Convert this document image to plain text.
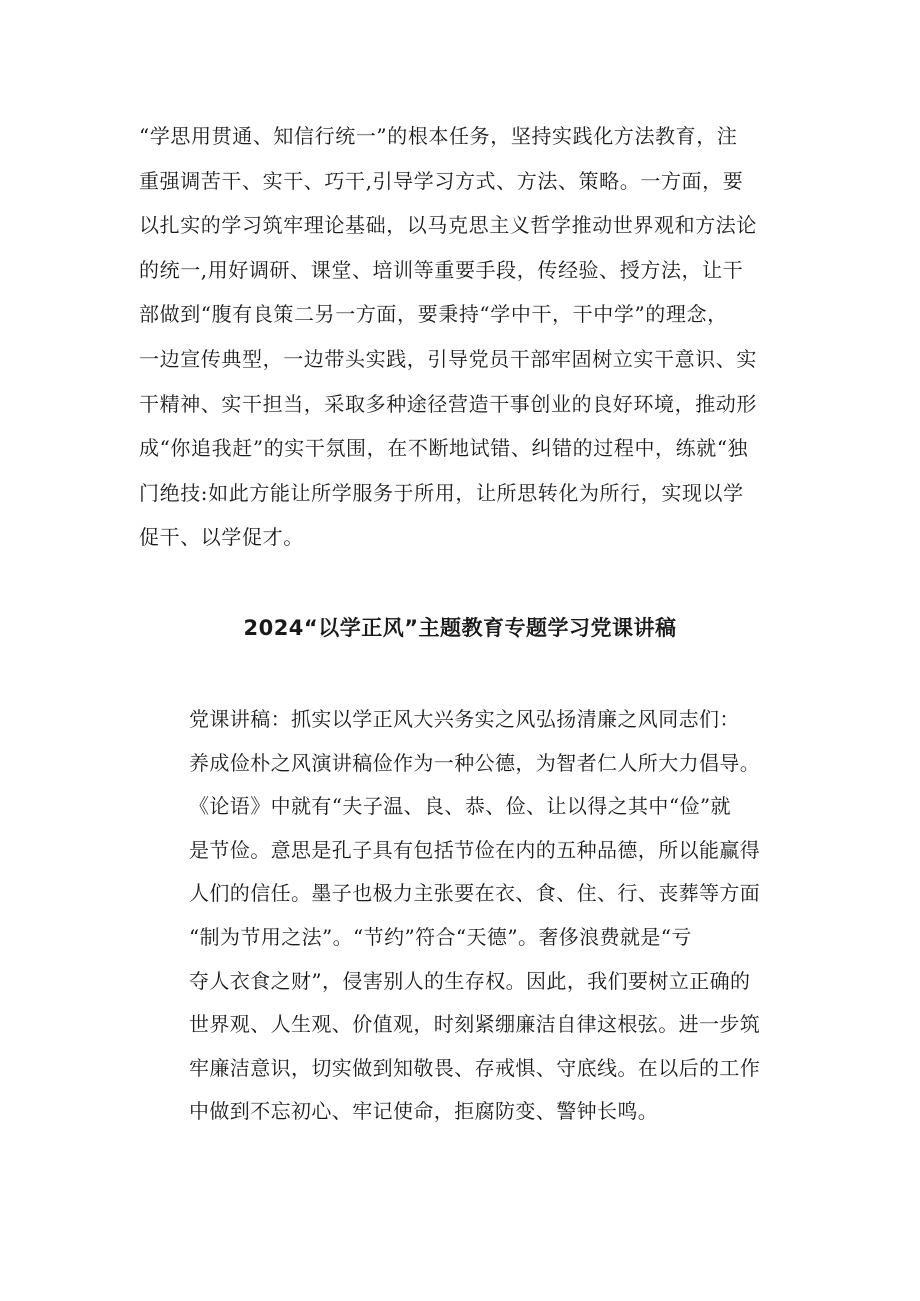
“学思用贯通、知信行统一”的根本任务，坚持实践化方法教育，注
重强调苦干、实干、巧干,引导学习方式、方法、策略。一方面，要
以扎实的学习筑牢理论基础，以马克思主义哲学推动世界观和方法论
的统一,用好调研、课堂、培训等重要手段，传经验、授方法，让干
部做到“腹有良策二另一方面，要秉持“学中干，干中学”的理念，
一边宣传典型，一边带头实践，引导党员干部牢固树立实干意识、实
干精神、实干担当，采取多种途径营造干事创业的良好环境，推动形
成“你追我赶”的实干氛围，在不断地试错、纠错的过程中，练就“独
门绝技:如此方能让所学服务于所用，让所思转化为所行，实现以学
促干、以学促才。

2024“以学正风”主题教育专题学习党课讲稿

党课讲稿：抓实以学正风大兴务实之风弘扬清廉之风同志们：
养成俭朴之风演讲稿俭作为一种公德，为智者仁人所大力倡导。
《论语》中就有“夫子温、良、恭、俭、让以得之其中“俭”就
是节俭。意思是孔子具有包括节俭在内的五种品德，所以能赢得
人们的信任。墨子也极力主张要在衣、食、住、行、丧葬等方面
“制为节用之法”。“节约”符合“天德”。奢侈浪费就是“亏
夺人衣食之财”，侵害别人的生存权。因此，我们要树立正确的
世界观、人生观、价值观，时刻紧绷廉洁自律这根弦。进一步筑
牢廉洁意识，切实做到知敬畏、存戒惧、守底线。在以后的工作
中做到不忘初心、牢记使命，拒腐防变、警钟长鸣。
